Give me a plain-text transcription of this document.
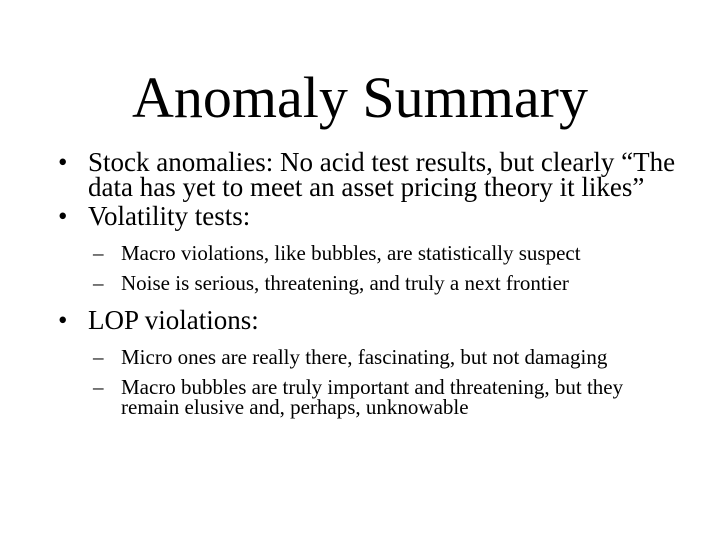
Anomaly Summary
• Stock anomalies: No acid test results, but clearly “The data has yet to meet an asset pricing theory it likes”
• Volatility tests:
– Macro violations, like bubbles, are statistically suspect
– Noise is serious, threatening, and truly a next frontier
• LOP violations:
– Micro ones are really there, fascinating, but not damaging
– Macro bubbles are truly important and threatening, but they remain elusive and, perhaps, unknowable
